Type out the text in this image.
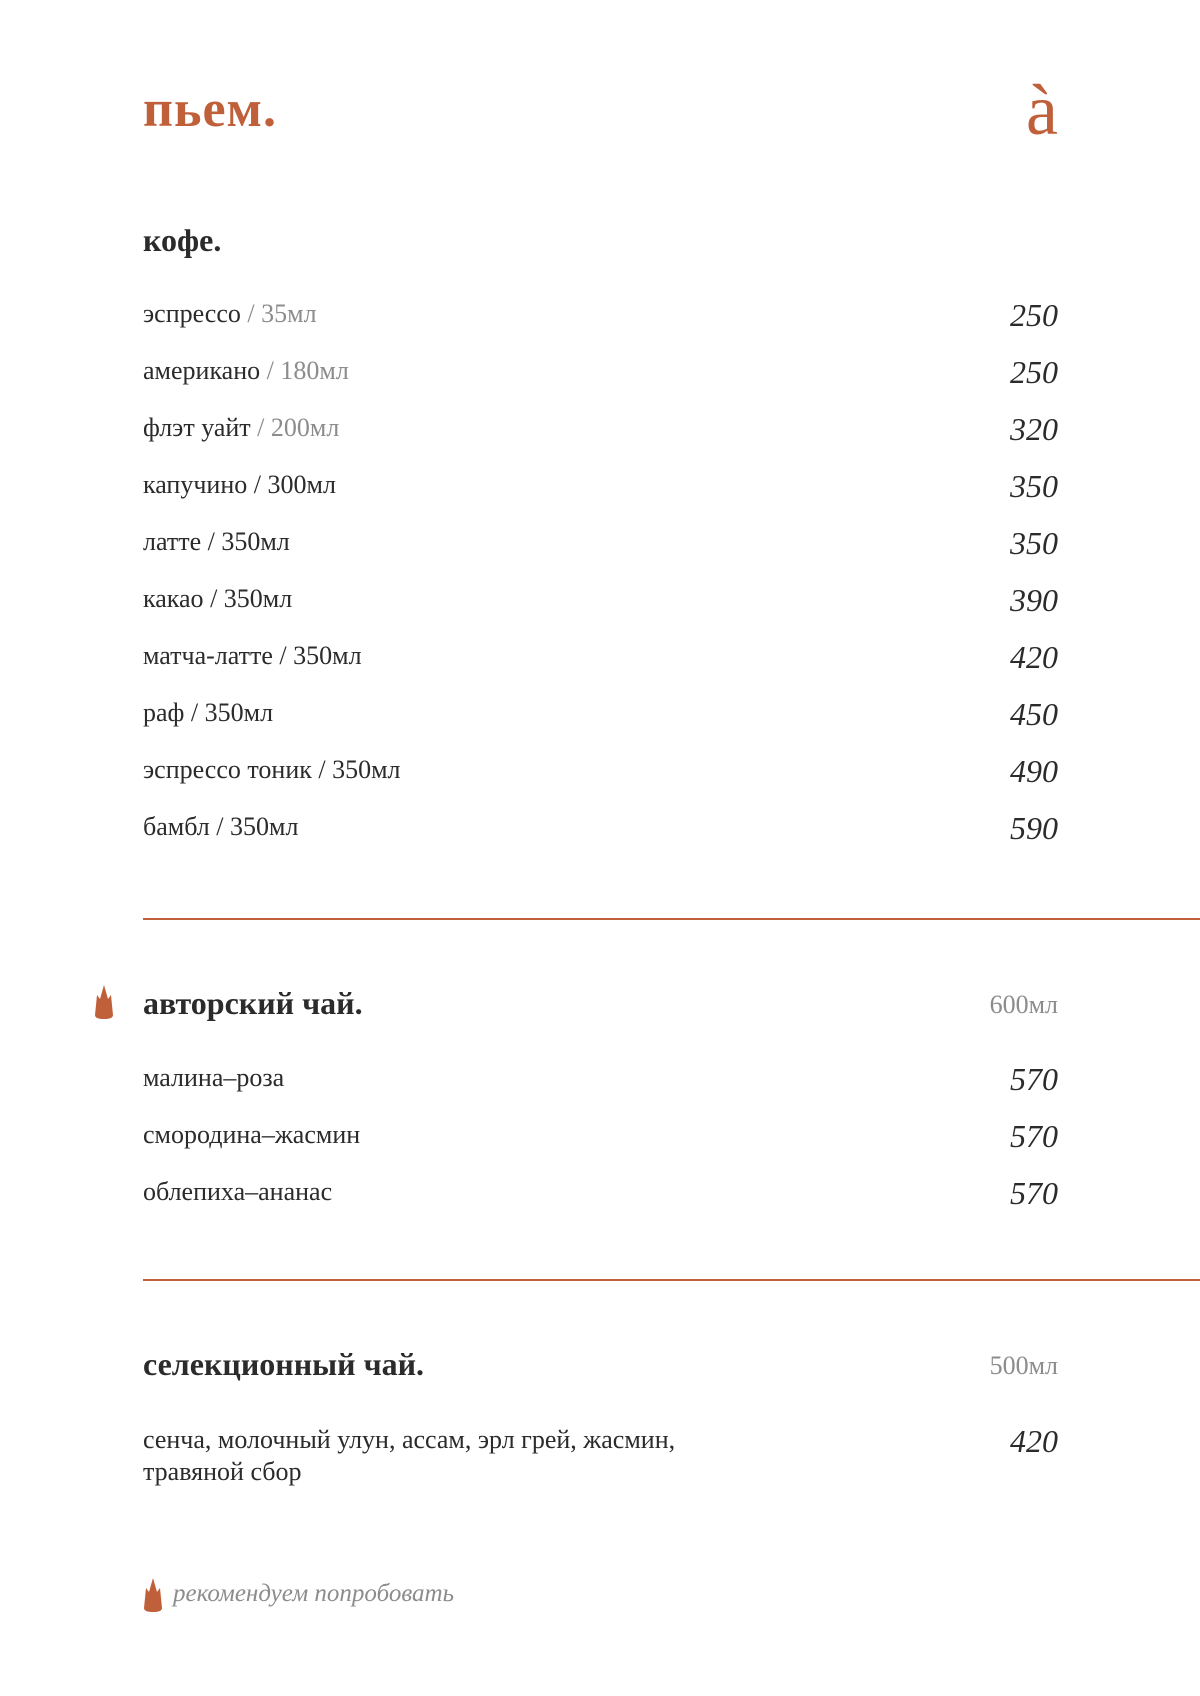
пьем.	à
кофе.
эспрессо / 35мл	250
американо / 180мл	250
флэт уайт / 200мл	320
капучино / 300мл	350
латте / 350мл	350
какао / 350мл	390
матча-латте / 350мл	420
раф / 350мл	450
эспрессо тоник / 350мл	490
бамбл / 350мл	590
авторский чай.	600мл
малина–роза	570
смородина–жасмин	570
облепиха–ананас	570
селекционный чай.	500мл
сенча, молочный улун, ассам, эрл грей, жасмин, травяной сбор
420
рекомендуем попробовать
